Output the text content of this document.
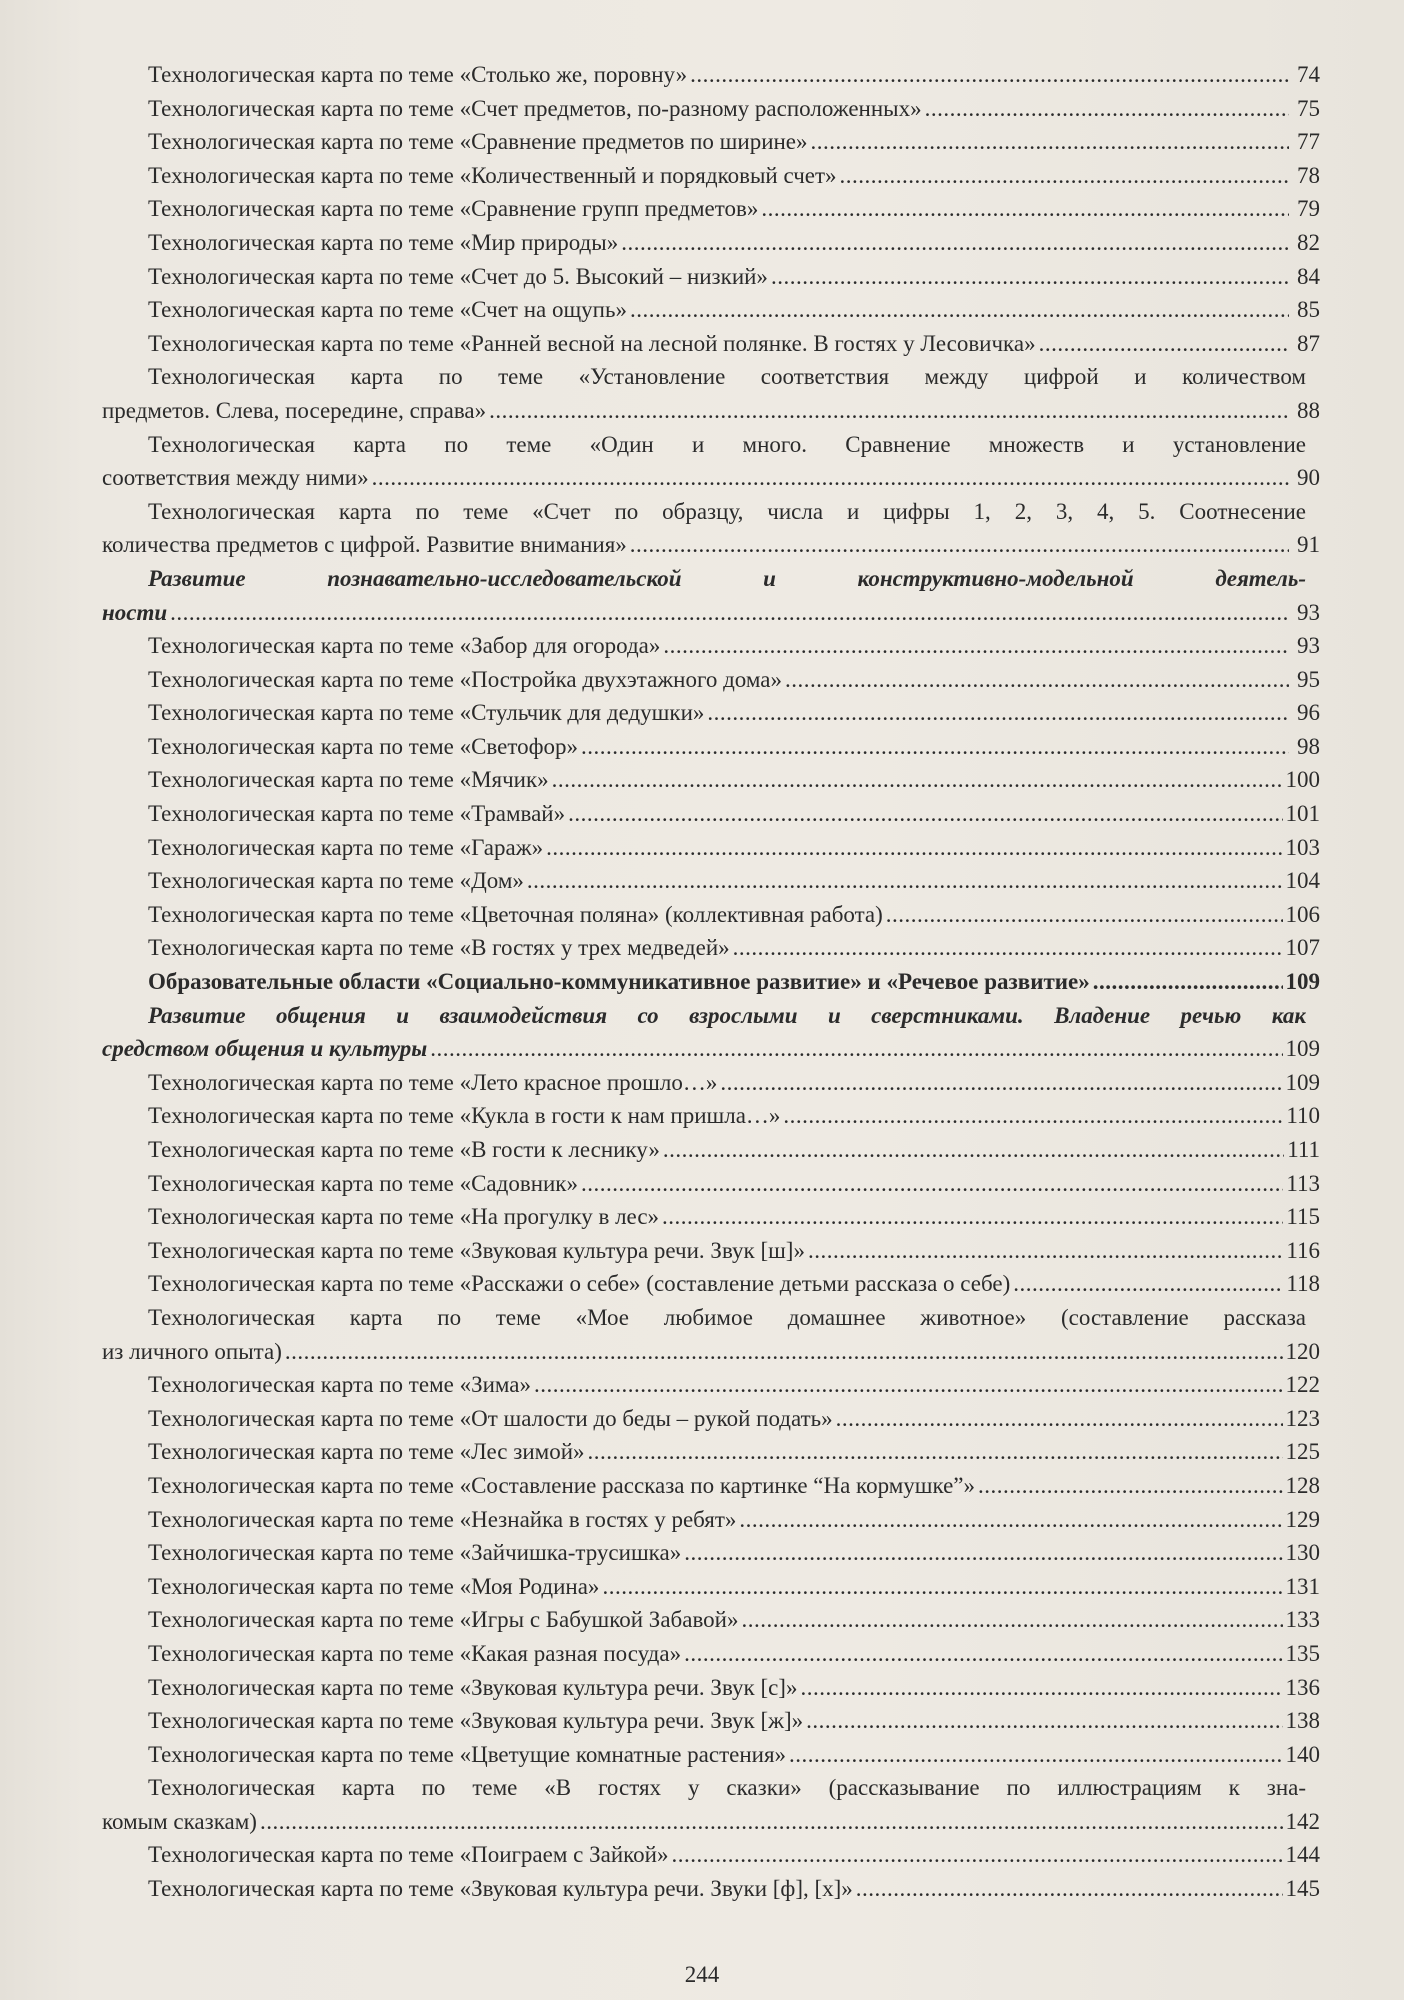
Технологическая карта по теме «Столько же, поровну» .....	74
Технологическая карта по теме «Счет предметов, по-разному расположенных» .....	75
Технологическая карта по теме «Сравнение предметов по ширине» .....	77
Технологическая карта по теме «Количественный и порядковый счет» .....	78
Технологическая карта по теме «Сравнение групп предметов» .....	79
Технологическая карта по теме «Мир природы» .....	82
Технологическая карта по теме «Счет до 5. Высокий – низкий» .....	84
Технологическая карта по теме «Счет на ощупь» .....	85
Технологическая карта по теме «Ранней весной на лесной полянке. В гостях у Лесовичка» .....	87
Технологическая карта по теме «Установление соответствия между цифрой и количеством
предметов. Слева, посередине, справа» .....	88
Технологическая карта по теме «Один и много. Сравнение множеств и установление
соответствия между ними» .....	90
Технологическая карта по теме «Счет по образцу, числа и цифры 1, 2, 3, 4, 5. Соотнесение
количества предметов с цифрой. Развитие внимания» .....	91
Развитие познавательно-исследовательской и конструктивно-модельной деятель-
ности .....	93
Технологическая карта по теме «Забор для огорода» .....	93
Технологическая карта по теме «Постройка двухэтажного дома» .....	95
Технологическая карта по теме «Стульчик для дедушки» .....	96
Технологическая карта по теме «Светофор» .....	98
Технологическая карта по теме «Мячик» .....	100
Технологическая карта по теме «Трамвай» .....	101
Технологическая карта по теме «Гараж» .....	103
Технологическая карта по теме «Дом» .....	104
Технологическая карта по теме «Цветочная поляна» (коллективная работа) .....	106
Технологическая карта по теме «В гостях у трех медведей» .....	107
Образовательные области «Социально-коммуникативное развитие» и «Речевое развитие» .....	109
Развитие общения и взаимодействия со взрослыми и сверстниками. Владение речью как
средством общения и культуры .....	109
Технологическая карта по теме «Лето красное прошло…» .....	109
Технологическая карта по теме «Кукла в гости к нам пришла…» .....	110
Технологическая карта по теме «В гости к леснику» .....	111
Технологическая карта по теме «Садовник» .....	113
Технологическая карта по теме «На прогулку в лес» .....	115
Технологическая карта по теме «Звуковая культура речи. Звук [ш]» .....	116
Технологическая карта по теме «Расскажи о себе» (составление детьми рассказа о себе) .....	118
Технологическая карта по теме «Мое любимое домашнее животное» (составление рассказа
из личного опыта) .....	120
Технологическая карта по теме «Зима» .....	122
Технологическая карта по теме «От шалости до беды – рукой подать» .....	123
Технологическая карта по теме «Лес зимой» .....	125
Технологическая карта по теме «Составление рассказа по картинке “На кормушке”» .....	128
Технологическая карта по теме «Незнайка в гостях у ребят» .....	129
Технологическая карта по теме «Зайчишка-трусишка» .....	130
Технологическая карта по теме «Моя Родина» .....	131
Технологическая карта по теме «Игры с Бабушкой Забавой» .....	133
Технологическая карта по теме «Какая разная посуда» .....	135
Технологическая карта по теме «Звуковая культура речи. Звук [с]» .....	136
Технологическая карта по теме «Звуковая культура речи. Звук [ж]» .....	138
Технологическая карта по теме «Цветущие комнатные растения» .....	140
Технологическая карта по теме «В гостях у сказки» (рассказывание по иллюстрациям к зна-
комым сказкам) .....	142
Технологическая карта по теме «Поиграем с Зайкой» .....	144
Технологическая карта по теме «Звуковая культура речи. Звуки [ф], [х]» .....	145
244
